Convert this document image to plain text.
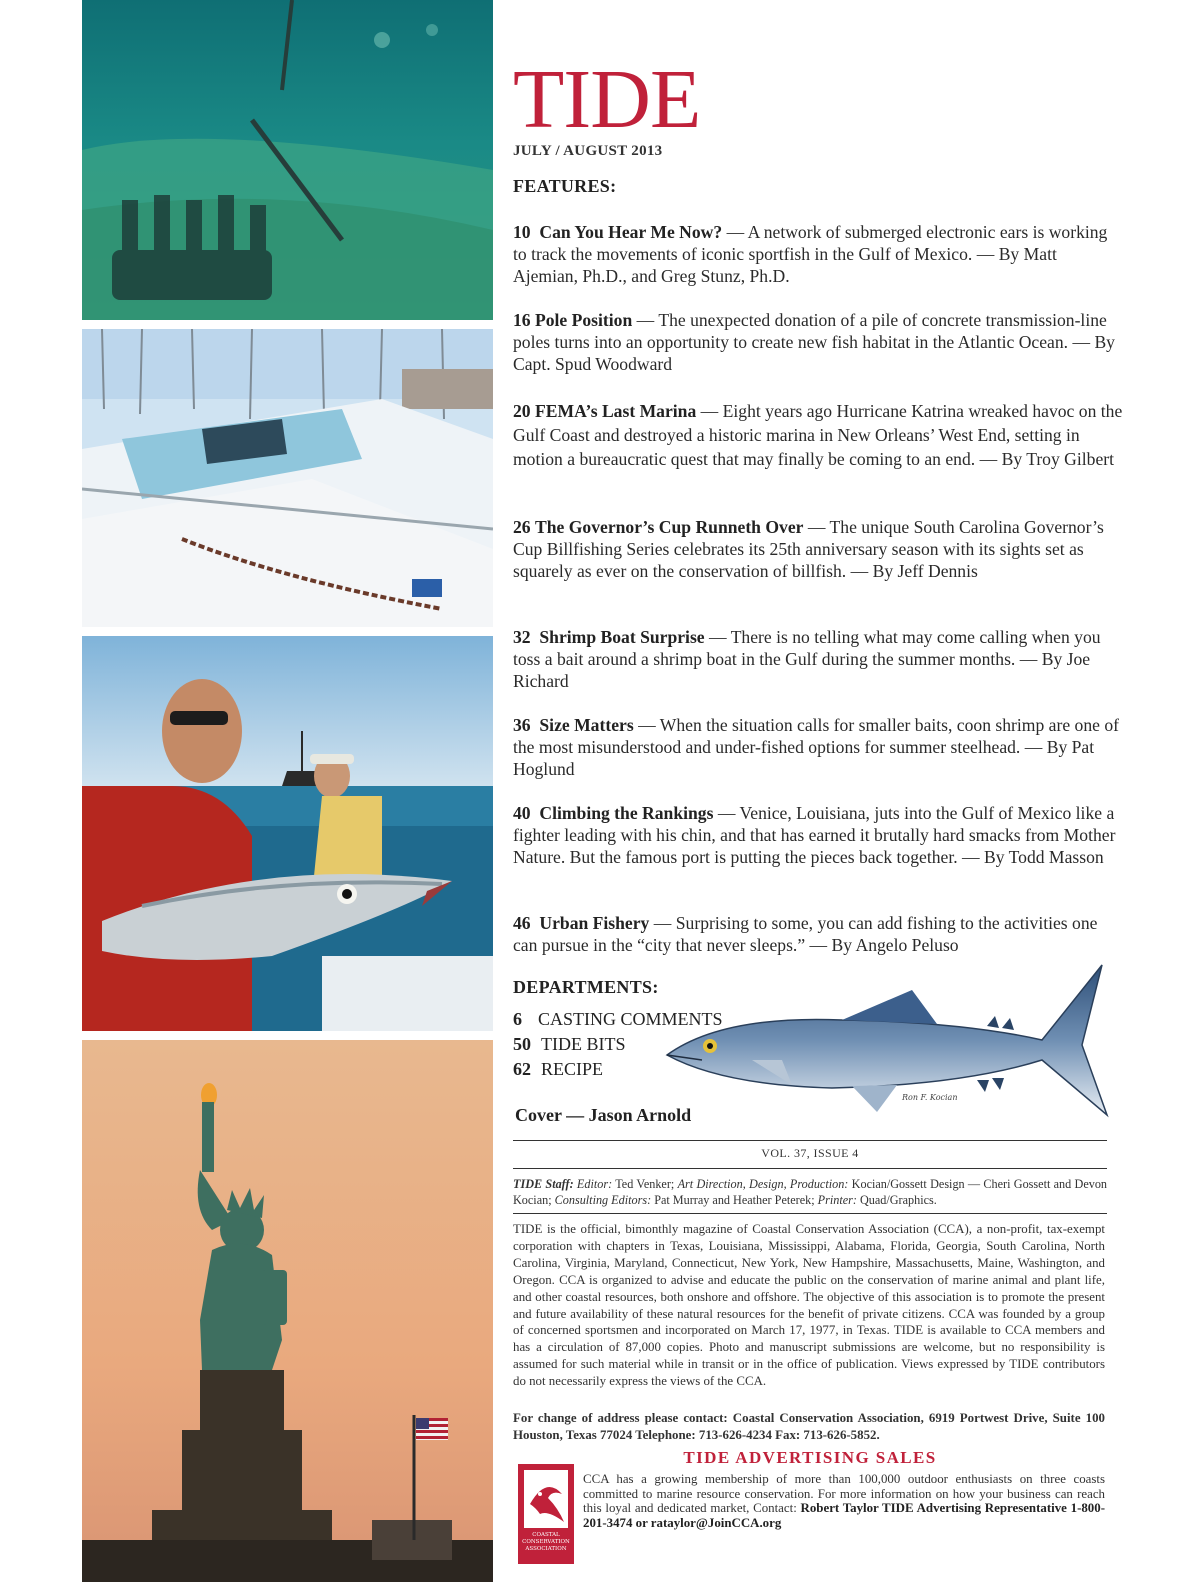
TIDE
JULY / AUGUST 2013
FEATURES:

10 Can You Hear Me Now? — A network of submerged electronic ears is working to track the movements of iconic sportfish in the Gulf of Mexico. — By Matt Ajemian, Ph.D., and Greg Stunz, Ph.D.

16 Pole Position — The unexpected donation of a pile of concrete transmission-line poles turns into an opportunity to create new fish habitat in the Atlantic Ocean. — By Capt. Spud Woodward

20 FEMA’s Last Marina — Eight years ago Hurricane Katrina wreaked havoc on the Gulf Coast and destroyed a historic marina in New Orleans’ West End, setting in motion a bureaucratic quest that may finally be coming to an end. — By Troy Gilbert

26 The Governor’s Cup Runneth Over — The unique South Carolina Governor’s Cup Billfishing Series celebrates its 25th anniversary season with its sights set as squarely as ever on the conservation of billfish. — By Jeff Dennis

32 Shrimp Boat Surprise — There is no telling what may come calling when you toss a bait around a shrimp boat in the Gulf during the summer months. — By Joe Richard

36 Size Matters — When the situation calls for smaller baits, coon shrimp are one of the most misunderstood and under-fished options for summer steelhead. — By Pat Hoglund

40 Climbing the Rankings — Venice, Louisiana, juts into the Gulf of Mexico like a fighter leading with his chin, and that has earned it brutally hard smacks from Mother Nature. But the famous port is putting the pieces back together. — By Todd Masson

46 Urban Fishery — Surprising to some, you can add fishing to the activities one can pursue in the “city that never sleeps.” — By Angelo Peluso

DEPARTMENTS:
Ron F. Kocian
6 CASTING COMMENTS
50 TIDE BITS
62 RECIPE
Cover — Jason Arnold
VOL. 37, ISSUE 4
TIDE Staff: Editor: Ted Venker; Art Direction, Design, Production: Kocian/Gossett Design — Cheri Gossett and Devon Kocian; Consulting Editors: Pat Murray and Heather Peterek; Printer: Quad/Graphics.

TIDE is the official, bimonthly magazine of Coastal Conservation Association (CCA), a non-profit, tax-exempt corporation with chapters in Texas, Louisiana, Mississippi, Alabama, Florida, Georgia, South Carolina, North Carolina, Virginia, Maryland, Connecticut, New York, New Hampshire, Massachusetts, Maine, Washington, and Oregon. CCA is organized to advise and educate the public on the conservation of marine animal and plant life, and other coastal resources, both onshore and offshore. The objective of this association is to promote the present and future availability of these natural resources for the benefit of private citizens. CCA was founded by a group of concerned sportsmen and incorporated on March 17, 1977, in Texas. TIDE is available to CCA members and has a circulation of 87,000 copies. Photo and manuscript submissions are welcome, but no responsibility is assumed for such material while in transit or in the office of publication. Views expressed by TIDE contributors do not necessarily express the views of the CCA.

For change of address please contact: Coastal Conservation Association, 6919 Portwest Drive, Suite 100 Houston, Texas 77024 Telephone: 713-626-4234 Fax: 713-626-5852.
TIDE ADVERTISING SALES
COASTAL CONSERVATION ASSOCIATION
CCA has a growing membership of more than 100,000 outdoor enthusiasts on three coasts committed to marine resource conservation. For more information on how your business can reach this loyal and dedicated market, Contact: Robert Taylor TIDE Advertising Representative 1-800-201-3474 or rataylor@JoinCCA.org
